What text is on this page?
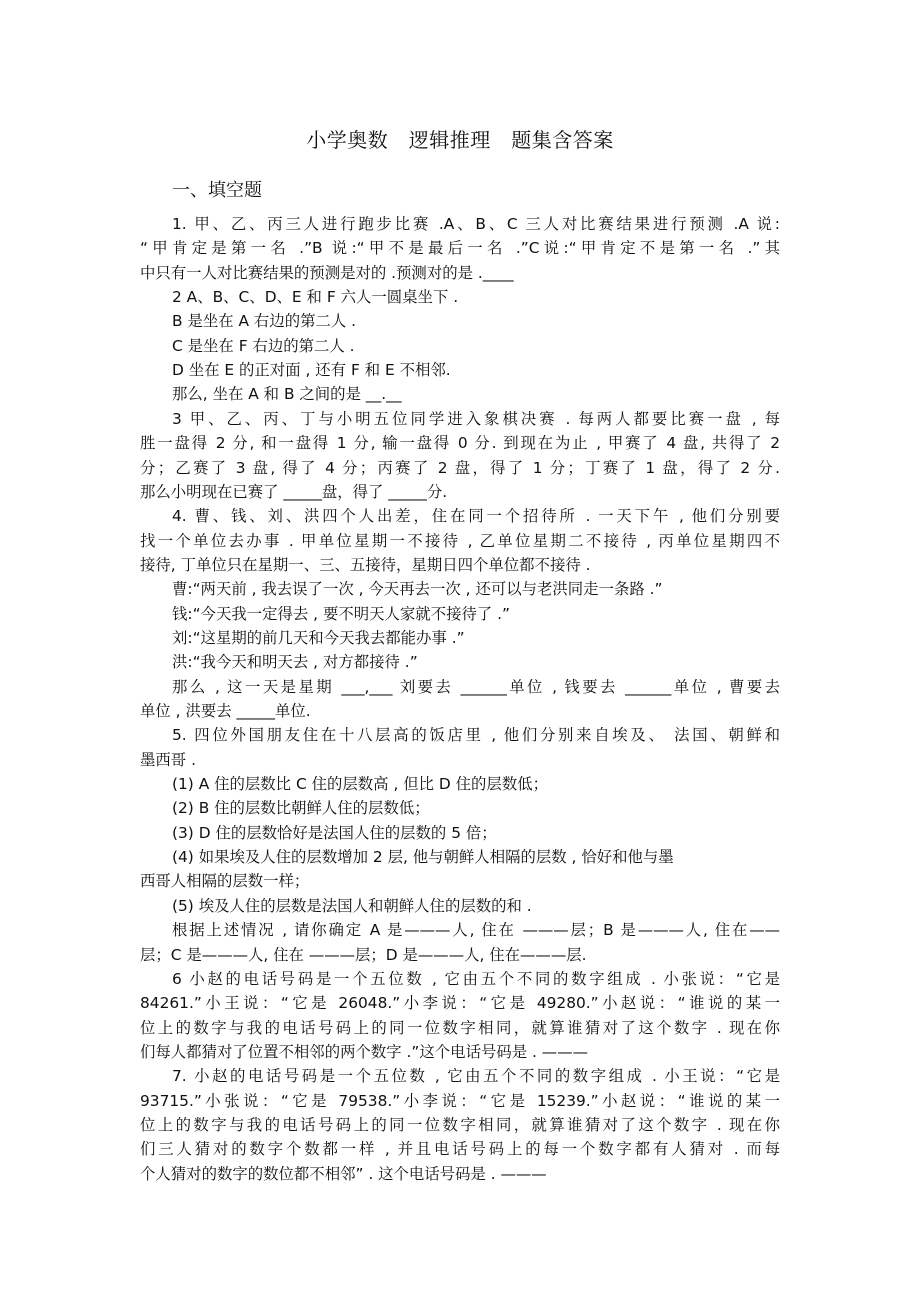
小学奥数　逻辑推理　题集含答案
一、填空题
1. 甲、乙、丙三人进行跑步比赛 .A、B、C 三人对比赛结果进行预测 .A 说:
“甲肯定是第一名 .”B 说:“甲不是最后一名 .”C说:“甲肯定不是第一名 .”其
中只有一人对比赛结果的预测是对的 .预测对的是 .____
2 A、B、C、D、E 和 F 六人一圆桌坐下 .
B 是坐在 A 右边的第二人 .
C 是坐在 F 右边的第二人 .
D 坐在 E 的正对面 , 还有 F 和 E 不相邻.
那么, 坐在 A 和 B 之间的是 __.__
3 甲、乙、丙、丁与小明五位同学进入象棋决赛 . 每两人都要比赛一盘 , 每
胜一盘得 2 分, 和一盘得 1 分, 输一盘得 0 分. 到现在为止 , 甲赛了 4 盘, 共得了 2
分；乙赛了 3 盘, 得了 4 分；丙赛了 2 盘，得了 1 分；丁赛了 1 盘，得了 2 分.
那么小明现在已赛了 _____盘，得了 _____分.
4. 曹、钱、刘、洪四个人出差，住在同一个招待所 . 一天下午 , 他们分别要
找一个单位去办事 . 甲单位星期一不接待 , 乙单位星期二不接待 , 丙单位星期四不
接待, 丁单位只在星期一、三、五接待，星期日四个单位都不接待 .
曹:“两天前 , 我去误了一次 , 今天再去一次 , 还可以与老洪同走一条路 .”
钱:“今天我一定得去 , 要不明天人家就不接待了 .”
刘:“这星期的前几天和今天我去都能办事 .”
洪:“我今天和明天去 , 对方都接待 .”
那么 , 这一天是星期 ___,___ 刘要去 ______单位 , 钱要去 ______单位 , 曹要去
单位 , 洪要去 _____单位.
5. 四位外国朋友住在十八层高的饭店里 , 他们分别来自埃及、 法国、朝鲜和
墨西哥 .
(1) A 住的层数比 C 住的层数高 , 但比 D 住的层数低；
(2) B 住的层数比朝鲜人住的层数低；
(3) D 住的层数恰好是法国人住的层数的 5 倍；
(4) 如果埃及人住的层数增加 2 层, 他与朝鲜人相隔的层数 , 恰好和他与墨
西哥人相隔的层数一样；
(5) 埃及人住的层数是法国人和朝鲜人住的层数的和 .
根据上述情况 , 请你确定 A 是———人, 住在 ———层；B 是———人, 住在——
层；C 是———人, 住在 ———层；D 是———人, 住在———层.
6 小赵的电话号码是一个五位数 , 它由五个不同的数字组成 . 小张说：“它是
84261.”小王说：“它是 26048.”小李说：“它是 49280.”小赵说：“谁说的某一
位上的数字与我的电话号码上的同一位数字相同，就算谁猜对了这个数字 . 现在你
们每人都猜对了位置不相邻的两个数字 .”这个电话号码是 . ———
7. 小赵的电话号码是一个五位数 , 它由五个不同的数字组成 . 小王说：“它是
93715.”小张说：“它是 79538.”小李说：“它是 15239.”小赵说：“谁说的某一
位上的数字与我的电话号码上的同一位数字相同，就算谁猜对了这个数字 . 现在你
们三人猜对的数字个数都一样 , 并且电话号码上的每一个数字都有人猜对 . 而每
个人猜对的数字的数位都不相邻” . 这个电话号码是 . ———
